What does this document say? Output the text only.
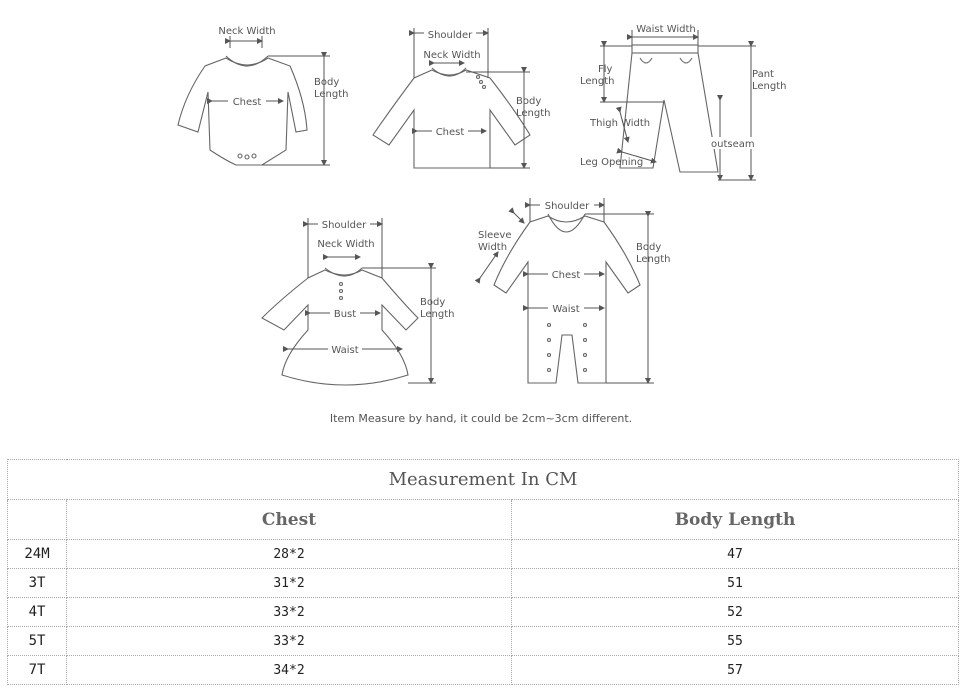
Neck Width
Chest
Body Length
Shoulder
Neck Width
Chest
Body Length
Waist Width
Fly Length
Pant Length
Thigh Width
outseam
Leg Opening
Shoulder
Neck Width
Bust
Waist
Body Length
Shoulder
Sleeve Width
Chest
Waist
Body Length
Item Measure by hand, it could be 2cm~3cm different.
Measurement In CM		
	Chest	Body Length
24M	28*2	47
3T	31*2	51
4T	33*2	52
5T	33*2	55
7T	34*2	57
